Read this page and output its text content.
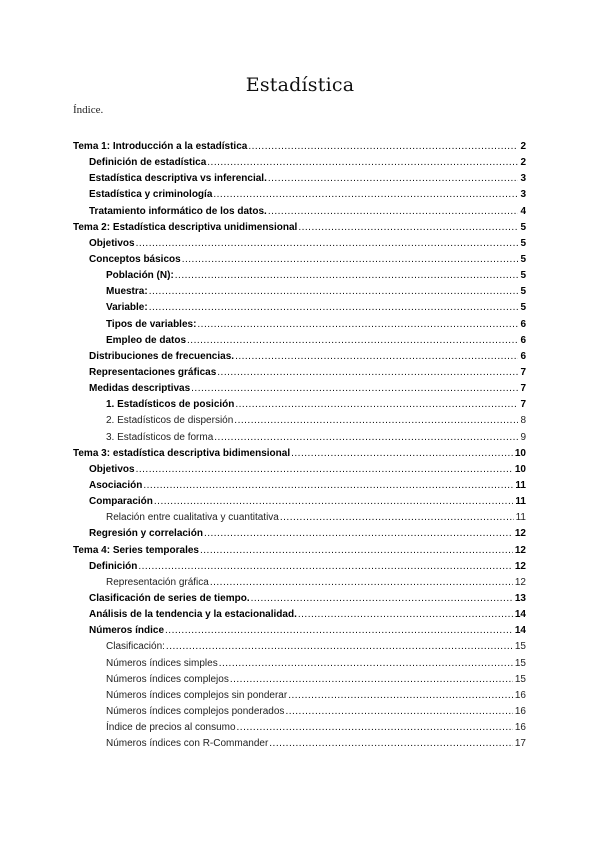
Estadística
Índice.
Tema 1: Introducción a la estadística .....	2
Definición de estadística .....	2
Estadística descriptiva vs inferencial. .....	3
Estadística y criminología .....	3
Tratamiento informático de los datos. .....	4
Tema 2: Estadística descriptiva unidimensional .....	5
Objetivos .....	5
Conceptos básicos .....	5
Población (N): .....	5
Muestra: .....	5
Variable: .....	5
Tipos de variables: .....	6
Empleo de datos .....	6
Distribuciones de frecuencias. .....	6
Representaciones gráficas .....	7
Medidas descriptivas .....	7
1. Estadísticos de posición .....	7
2. Estadísticos de dispersión .....	8
3. Estadísticos de forma .....	9
Tema 3: estadística descriptiva bidimensional .....	10
Objetivos .....	10
Asociación .....	11
Comparación .....	11
Relación entre cualitativa y cuantitativa .....	11
Regresión y correlación .....	12
Tema 4: Series temporales .....	12
Definición .....	12
Representación gráfica .....	12
Clasificación de series de tiempo. .....	13
Análisis de la tendencia y la estacionalidad. .....	14
Números índice .....	14
Clasificación: .....	15
Números índices simples .....	15
Números índices complejos .....	15
Números índices complejos sin ponderar .....	16
Números índices complejos ponderados .....	16
Índice de precios al consumo .....	16
Números índices con R-Commander .....	17
